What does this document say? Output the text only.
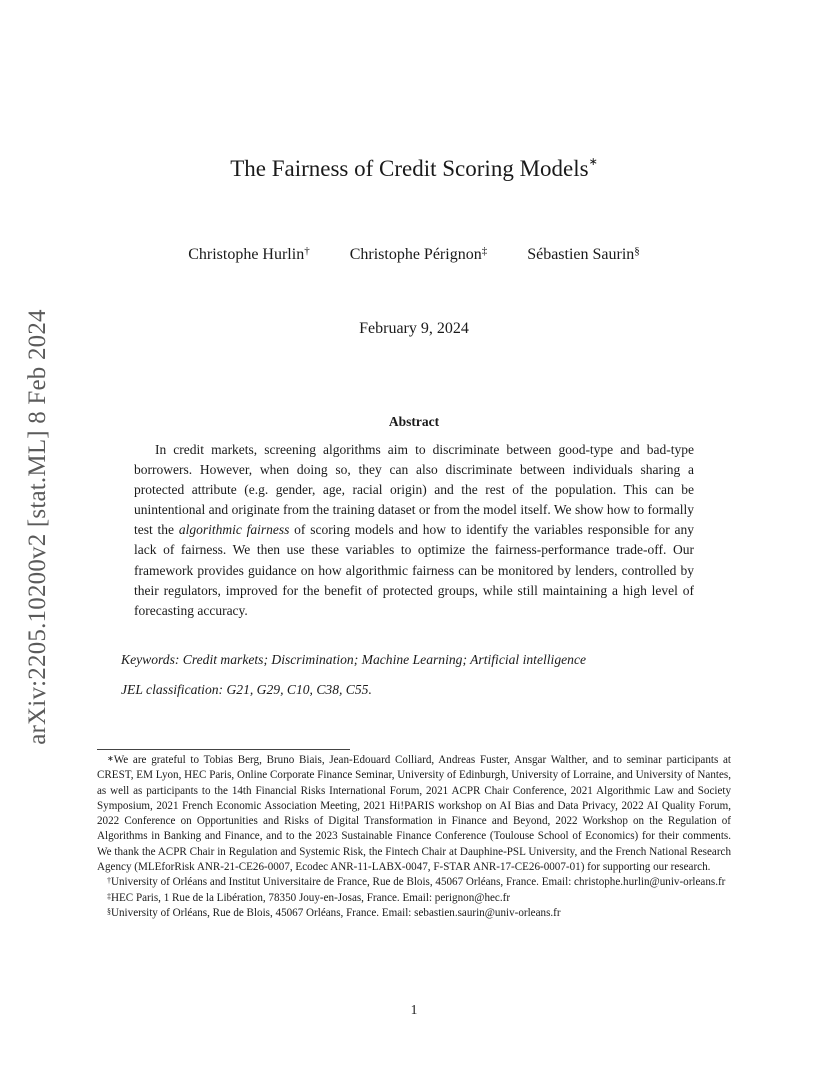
arXiv:2205.10200v2 [stat.ML] 8 Feb 2024
The Fairness of Credit Scoring Models∗
Christophe Hurlin†	Christophe Pérignon‡	Sébastien Saurin§
February 9, 2024
Abstract

In credit markets, screening algorithms aim to discriminate between good-type and bad-type borrowers. However, when doing so, they can also discriminate between individuals sharing a protected attribute (e.g. gender, age, racial origin) and the rest of the population. This can be unintentional and originate from the training dataset or from the model itself. We show how to formally test the algorithmic fairness of scoring models and how to identify the variables responsible for any lack of fairness. We then use these variables to optimize the fairness-performance trade-off. Our framework provides guidance on how algorithmic fairness can be monitored by lenders, controlled by their regulators, improved for the benefit of protected groups, while still maintaining a high level of forecasting accuracy.

Keywords: Credit markets; Discrimination; Machine Learning; Artificial intelligence
JEL classification: G21, G29, C10, C38, C55.

∗We are grateful to Tobias Berg, Bruno Biais, Jean-Edouard Colliard, Andreas Fuster, Ansgar Walther, and to seminar participants at CREST, EM Lyon, HEC Paris, Online Corporate Finance Seminar, University of Edinburgh, University of Lorraine, and University of Nantes, as well as participants to the 14th Financial Risks International Forum, 2021 ACPR Chair Conference, 2021 Algorithmic Law and Society Symposium, 2021 French Economic Association Meeting, 2021 Hi!PARIS workshop on AI Bias and Data Privacy, 2022 AI Quality Forum, 2022 Conference on Opportunities and Risks of Digital Transformation in Finance and Beyond, 2022 Workshop on the Regulation of Algorithms in Banking and Finance, and to the 2023 Sustainable Finance Conference (Toulouse School of Economics) for their comments. We thank the ACPR Chair in Regulation and Systemic Risk, the Fintech Chair at Dauphine-PSL University, and the French National Research Agency (MLEforRisk ANR-21-CE26-0007, Ecodec ANR-11-LABX-0047, F-STAR ANR-17-CE26-0007-01) for supporting our research.

†University of Orléans and Institut Universitaire de France, Rue de Blois, 45067 Orléans, France. Email: christophe.hurlin@univ-orleans.fr

‡HEC Paris, 1 Rue de la Libération, 78350 Jouy-en-Josas, France. Email: perignon@hec.fr

§University of Orléans, Rue de Blois, 45067 Orléans, France. Email: sebastien.saurin@univ-orleans.fr

1
